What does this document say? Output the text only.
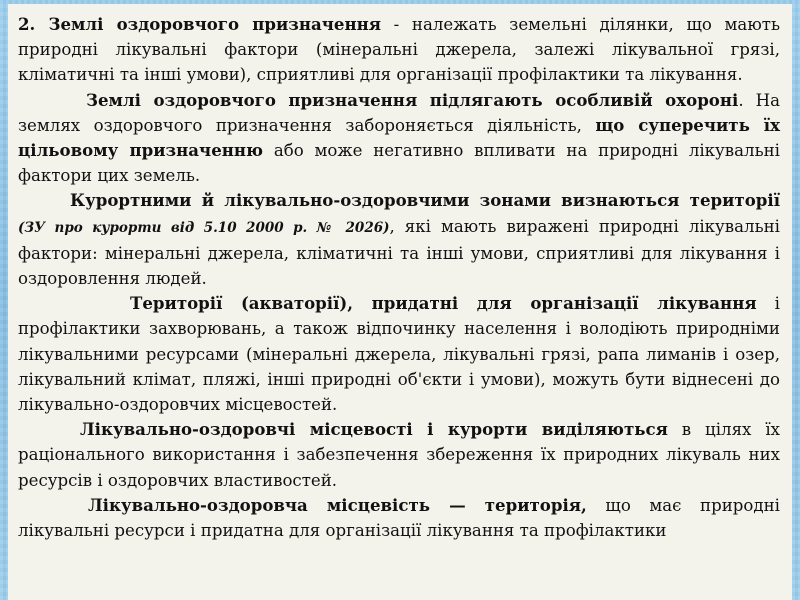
2. Землі оздоровчого призначення - належать земельні ділянки, що мають природні лікувальні фактори (мінеральні джерела, залежі лікувальної грязі, кліматичні та інші умови), сприятливі для організації профілактики та лікування.

Землі оздоровчого призначення підлягають особливій охороні. На землях оздоровчого призначення забороняється діяльність, що суперечить їх цільовому призначенню або може негативно впливати на природні лікувальні фактори цих земель.

Курортними й лікувально-оздоровчими зонами визнаються території (ЗУ про курорти від 5.10 2000 р. № 2026), які мають виражені природні лікувальні фактори: мінеральні джерела, кліматичні та інші умови, сприятливі для лікування і оздоровлення людей.

Території (акваторії), придатні для організації лікування і профілактики захворювань, а також відпочинку населення і володіють природніми лікувальними ресурсами (мінеральні джерела, лікувальні грязі, рапа лиманів і озер, лікувальний клімат, пляжі, інші природні об'єкти і умови), можуть бути віднесені до лікувально-оздоровчих місцевостей.

Лікувально-оздоровчі місцевості і курорти виділяються в цілях їх раціонального використання і забезпечення збереження їх природних лікуваль них ресурсів і оздоровчих властивостей.

Лікувально-оздоровча місцевість — територія, що має природні лікувальні ресурси і придатна для організації лікування та профілактики
